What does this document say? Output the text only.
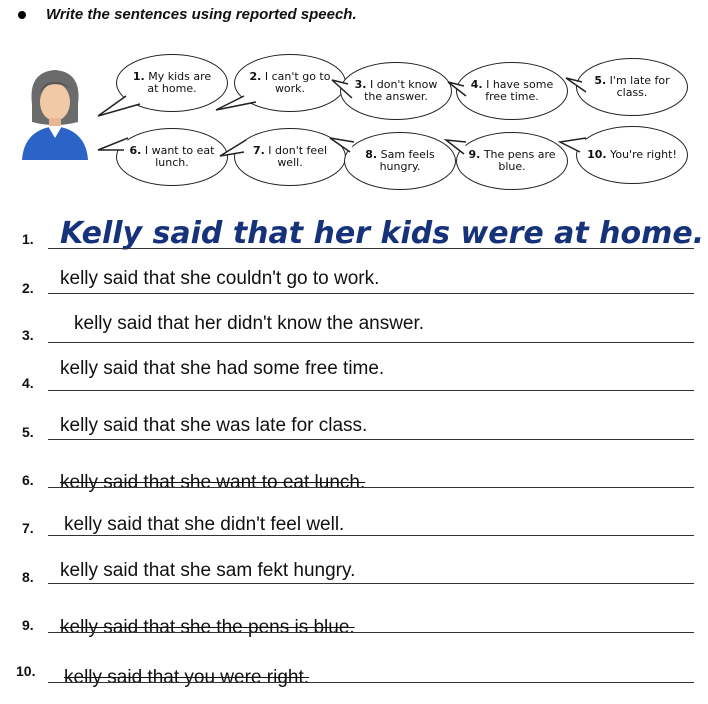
Write the sentences using reported speech.
1. My kids are at home.
2. I can't go to work.	3. I don't know the answer.
4. I have some free time.
5. I'm late for class.
6. I want to eat lunch.
7. I don't feel well.
8. Sam feels hungry.
9. The pens are blue.
10. You're right!
1. Kelly said that her kids were at home.
2. kelly said that she couldn't go to work.
3.
kelly said that her didn't know the answer.
4.
kelly said that she had some free time.
5. kelly said that she was late for class.
6. kelly said that she want to eat lunch.
7. kelly said that she didn't feel well.
8. kelly said that she sam fekt hungry.
9. kelly said that she the pens is blue.
10. kelly said that you were right.
